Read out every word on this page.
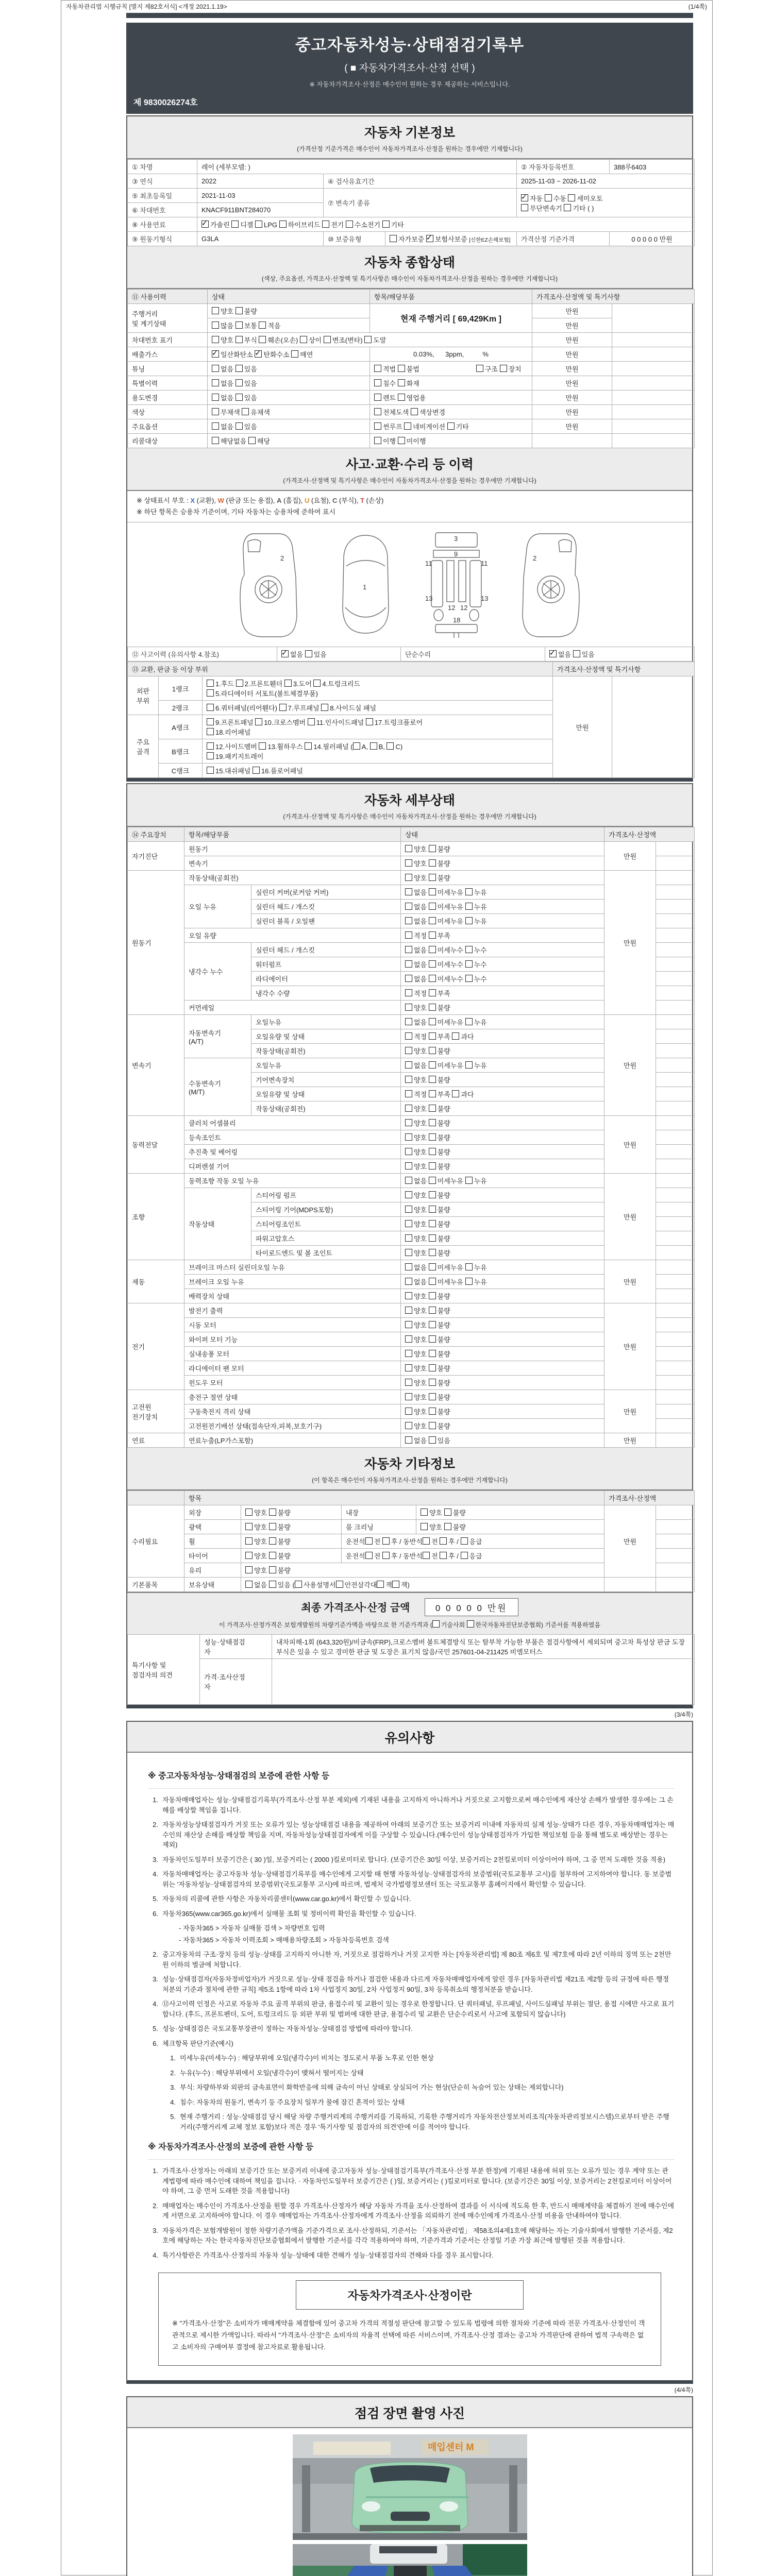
자동차관리법 시행규칙 [별지 제82호서식] <개정 2021.1.19>	(1/4쪽)
중고자동차성능·상태점검기록부
( ■ 자동차가격조사·산정 선택 )
※ 자동차가격조사·산정은 매수인이 원하는 경우 제공하는 서비스입니다.
제 9830026274호
자동차 기본정보
(가격산정 기준가격은 매수인이 자동차가격조사·산정을 원하는 경우에만 기재합니다)
① 차명	레이 (세부모델: )			② 자동차등록번호	388루6403
③ 연식	2022	④ 검사유효기간		2025-11-03 ~ 2026-11-02	
⑤ 최초등록일	2021-11-03	⑦ 변속기 종류	✓자동 수동 세미오토
무단변속기 기타 ( )
⑥ 차대번호	KNACF911BNT284070				
⑧ 사용연료	✓가솔린 디젤 LPG 하이브리드 전기 수소전기 기타
⑨ 원동기형식	G3LA	⑩ 보증유형	자가보증 ✓보험사보증 [신한EZ손해보험]	가격산정 기준가격	0 0 0 0 0 만원
자동차 종합상태
(색상, 주요옵션, 가격조사·산정액 및 특기사항은 매수인이 자동차가격조사·산정을 원하는 경우에만 기재합니다)
⑪ 사용이력	상태	항목/해당부품	가격조사·산정액 및 특기사항	
주행거리
및 계기상태	양호 불량	현재 주행거리 [ 69,429Km ]	만원	
	많음 보통 적음		만원	
차대번호 표기	양호 부식 훼손(오손) 상이 변조(변타) 도말		만원	
배출가스	✓일산화탄소 ✓탄화수소 매연	0.03%,      3ppm,          %	만원	
튜닝	없음 있음	적법 불법 구조 장치	만원	
특별이력	없음 있음	침수 화재	만원	
용도변경	없음 있음	렌트 영업용	만원	
색상	무채색 유채색	전체도색 색상변경	만원	
주요옵션	없음 있음	썬루프 네비게이션 기타	만원	
리콜대상	해당없음 해당	이행 미이행		
사고·교환·수리 등 이력
(가격조사·산정액 및 특기사항은 매수인이 자동차가격조사·산정을 원하는 경우에만 기재합니다)
※ 상태표시 부호 : X (교환), W (판금 또는 용접), A (흠집), U (요철), C (부식), T (손상)
※ 하단 항목은 승용차 기준이며, 기타 자동차는 승용차에 준하여 표시
2
1
3
9
11	11
13	13
12 12
18
2
⑫ 사고이력 (유의사항 4.참조)	✓없음 있음	단순수리	✓없음 있음
⑬ 교환, 판금 등 이상 부위			가격조사·산정액 및 특기사항	
외판
부위	1랭크	1.후드 2.프론트휀더 3.도어 4.트렁크리드
5.라디에이터 서포트(볼트체결부품)	만원	
	2랭크	6.쿼터패널(리어휀다) 7.루프패널 8.사이드실 패널		
주요
골격	A랭크	9.프론트패널 10.크로스멤버 11.인사이드패널 17.트렁크플로어
18.리어패널		
	B랭크	12.사이드멤버 13.휠하우스 14.필러패널 ( A, B, C)
19.패키지트레이		
	C랭크	15.대쉬패널 16.플로어패널		
자동차 세부상태
(가격조사·산정액 및 특기사항은 매수인이 자동차가격조사·산정을 원하는 경우에만 기재합니다)
⑭ 주요장치	항목/해당부품		상태	가격조사·산정액	
자기진단	원동기		양호 불량	만원	
	변속기		양호 불량		
원동기	작동상태(공회전)		양호 불량	만원	
	오일 누유	실린더 커버(로커암 커버)	없음 미세누유 누유		
		실린더 헤드 / 개스킷	없음 미세누유 누유		
		실린더 블록 / 오일팬	없음 미세누유 누유		
	오일 유량		적정 부족		
	냉각수 누수	실린더 헤드 / 개스킷	없음 미세누수 누수		
		워터펌프	없음 미세누수 누수		
		라디에이터	없음 미세누수 누수		
		냉각수 수량	적정 부족		
	커먼레일		양호 불량		
변속기	자동변속기
(A/T)	오일누유	없음 미세누유 누유	만원	
		오일유량 및 상태	적정 부족 과다		
		작동상태(공회전)	양호 불량		
	수동변속기
(M/T)	오일누유	없음 미세누유 누유		
		기어변속장치	양호 불량		
		오일유량 및 상태	적정 부족 과다		
		작동상태(공회전)	양호 불량		
동력전달	클러치 어셈블리		양호 불량	만원	
	등속조인트		양호 불량		
	추진축 및 베어링		양호 불량		
	디퍼렌셜 기어		양호 불량		
조향	동력조향 작동 오일 누유		없음 미세누유 누유	만원	
	작동상태	스티어링 펌프	양호 불량		
		스티어링 기어(MDPS포함)	양호 불량		
		스티어링조인트	양호 불량		
		파워고압호스	양호 불량		
		타이로드엔드 및 볼 조인트	양호 불량		
제동	브레이크 마스터 실린더오일 누유		없음 미세누유 누유	만원	
	브레이크 오일 누유		없음 미세누유 누유		
	배력장치 상태		양호 불량		
전기	발전기 출력		양호 불량	만원	
	시동 모터		양호 불량		
	와이퍼 모터 기능		양호 불량		
	실내송풍 모터		양호 불량		
	라디에이터 팬 모터		양호 불량		
	윈도우 모터		양호 불량		
고전원
전기장치	충전구 절연 상태		양호 불량	만원	
	구동축전지 격리 상태		양호 불량		
	고전원전기배선 상태(접속단자,피복,보호기구)		양호 불량		
연료	연료누출(LP가스포함)		없음 있음	만원	
자동차 기타정보
(이 항목은 매수인이 자동차가격조사·산정을 원하는 경우에만 기재합니다)
	항목				가격조사·산정액	
수리필요	외장	양호 불량	내장	양호 불량	만원	
	광택	양호 불량	룸 크리닝	양호 불량		
	휠	양호 불량	운전석 전 후 / 동반석 전 후 / 응급			
	타이어	양호 불량	운전석 전 후 / 동반석 전 후 / 응급			
	유리	양호 불량				
기본품목	보유상태	없음 있음 ( 사용설명서 안전삼각대 잭 잭)				
최종 가격조사·산정 금액	0 0 0 0 0 만원
이 가격조사·산정가격은 보험개발원의 차량기준가액을 바탕으로 한 기준가격과 ( 기술사회 한국자동차진단보증협회) 기준서를 적용하였음
특기사항 및
점검자의 의견	성능·상태점검
자	내차피해-1회 (643,320원)/비금속(FRP),크로스멤버 볼트체결방식 또는 탈부착 가능한 부품은 점검사항에서 제외되며 중고차 특성상 판금 도장 부식은 있을 수 있고 경미한 판금 및 도장은 표기치 않음/국민 257601-04-211425 비엠모터스
	가격·조사산정
자	
(3/4쪽)
유의사항
※ 중고자동차성능·상태점검의 보증에 관한 사항 등
1. 자동차매매업자는 성능·상태점검기록부(가격조사·산정 부분 제외)에 기재된 내용을 고지하지 아니하거나 거짓으로 고지함으로써 매수인에게 재산상 손해가 발생한 경우에는 그 손해를 배상할 책임을 집니다.
2. 자동차성능상태점검자가 거짓 또는 오류가 있는 성능상태점검 내용을 제공하여 아래의 보증기간 또는 보증거리 이내에 자동차의 실제 성능·상태가 다른 경우, 자동차매매업자는 매수인의 재산상 손해를 배상할 책임을 지며, 자동차성능상태점검자에게 이를 구상할 수 있습니다.(매수인이 성능상태점검자가 가입한 책임보험 등을 통해 별도로 배상받는 경우는 제외)
3. 자동차인도일부터 보증기간은 ( 30 )일, 보증거리는 ( 2000 )킬로미터로 합니다. (보증기간은 30일 이상, 보증거리는 2천킬로미터 이상이어야 하며, 그 중 먼저 도래한 것을 적용)
4. 자동차매매업자는 중고자동차 성능·상태점검기록부를 매수인에게 고지할 때 현행 자동차성능·상태점검자의 보증범위(국토교통부 고시)를 첨부하여 고지하여야 합니다. 동 보증범위는 '자동차성능·상태점검자의 보증범위'(국토교통부 고시)에 따르며, 법제처 국가법령정보센터 또는 국토교통부 홈페이지에서 확인할 수 있습니다.
5. 자동차의 리콜에 관한 사항은 자동차리콜센터(www.car.go.kr)에서 확인할 수 있습니다.
6. 자동차365(www.car365.go.kr)에서 실매물 조회 및 정비이력 확인을 확인할 수 있습니다.
- 자동차365 > 자동차 실매물 검색 > 차량번호 입력
- 자동차365 > 자동차 이력조회 > 매매용차량조회 > 자동차등록번호 검색
2. 중고자동차의 구조·장치 등의 성능·상태를 고지하지 아니한 자, 거짓으로 점검하거나 거짓 고지한 자는 [자동차관리법] 제 80조 제6호 및 제7호에 따라 2년 이하의 징역 또는 2천만원 이하의 벌금에 처합니다.
3. 성능·상태점검자(자동차정비업자)가 거짓으로 성능·상태 점검을 하거나 점검한 내용과 다르게 자동차매매업자에게 알린 경우 [자동차관리법 제21조 제2항 등의 규정에 따른 행정처분의 기준과 절차에 관한 규칙] 제5조 1항에 따라 1차 사업정지 30일, 2차 사업정지 90일, 3차 등록취소의 행정처분을 받습니다.
4. ⑫사고이력 인정은 사고로 자동차 주요 골격 부위의 판금, 용접수리 및 교환이 있는 경우로 한정합니다. 단 쿼터패널, 루프패널, 사이드실패널 부위는 절단, 용접 시에만 사고로 표기합니다. (후드, 프론트펜더, 도어, 트렁크리드 등 외판 부위 및 범퍼에 대한 판금, 용접수리 및 교환은 단순수리로서 사고에 포함되지 않습니다)
5. 성능·상태점검은 국토교통부장관이 정하는 자동차성능·상태점검 방법에 따라야 합니다.
6. 체크항목 판단기준(예시)
1. 미세누유(미세누수) : 해당부위에 오일(냉각수)이 비치는 정도로서 부품 노후로 인한 현상
2. 누유(누수) : 해당부위에서 오일(냉각수)이 맺혀서 떨어지는 상태
3. 부식: 차량하부와 외판의 금속표면이 화학반응에 의해 금속이 아닌 상태로 상실되어 가는 현상(단순히 녹슬어 있는 상태는 제외합니다)
4. 침수: 자동차의 원동기, 변속기 등 주요장치 일부가 물에 잠긴 흔적이 있는 상태
5. 현재 주행거리 : 성능·상태점검 당시 해당 차량 주행거리계의 주행거리를 기록하되, 기록한 주행거리가 자동차전산정보처리조직(자동차관리정보시스템)으로부터 받은 주행거리(주행거리계 교체 정보 포함)보다 적은 경우 '특기사항 및 점검자의 의견'란에 이를 적어야 합니다.
※ 자동차가격조사·산정의 보증에 관한 사항 등
1. 가격조사·산정자는 아래의 보증기간 또는 보증거리 이내에 중고자동차 성능·상태점검기록부(가격조사·산정 부분 한정)에 기재된 내용에 허위 또는 오류가 있는 경우 계약 또는 관계법령에 따라 매수인에 대하여 책임을 집니다. · 자동차인도일부터 보증기간은 ( )일, 보증거리는 ( )킬로미터로 합니다. (보증기간은 30일 이상, 보증거리는 2천킬로미터 이상이어야 하며, 그 중 먼저 도래한 것을 적용합니다)
2. 매매업자는 매수인이 가격조사·산정을 원할 경우 가격조사·산정자가 해당 자동차 가격을 조사·산정하여 결과를 이 서식에 적도록 한 후, 반드시 매매계약을 체결하기 전에 매수인에게 서면으로 고지하여야 합니다. 이 경우 매매업자는 가격조사·산정자에게 가격조사·산정을 의뢰하기 전에 매수인에게 가격조사·산정 비용을 안내하여야 합니다.
3. 자동차가격은 보험개발원이 정한 차량기준가액을 기준가격으로 조사·산정하되, 기준서는 「자동차관리법」 제58조의4제1호에 해당하는 자는 기술사회에서 발행한 기준서를, 제2호에 해당하는 자는 한국자동차진단보증협회에서 발행한 기준서를 각각 적용하여야 하며, 기준가격과 기준서는 산정일 기준 가장 최근에 발행된 것을 적용합니다.
4. 특기사항란은 가격조사·산정자의 자동차 성능·상태에 대한 견해가 성능·상태점검자의 견해와 다를 경우 표시합니다.
자동차가격조사·산정이란
※ "가격조사·산정"은 소비자가 매매계약을 체결함에 있어 중고차 가격의 적절성 판단에 참고할 수 있도록 법령에 의한 절차와 기준에 따라 전문 가격조사·산정인이 객관적으로 제시한 가액입니다. 따라서 "가격조사·산정"은 소비자의 자율적 선택에 따른 서비스이며, 가격조사·산정 결과는 중고차 가격판단에 관하여 법적 구속력은 없고 소비자의 구매여부 결정에 참고자료로 활용됩니다.
(4/4쪽)
점검 장면 촬영 사진
매입센터 M
